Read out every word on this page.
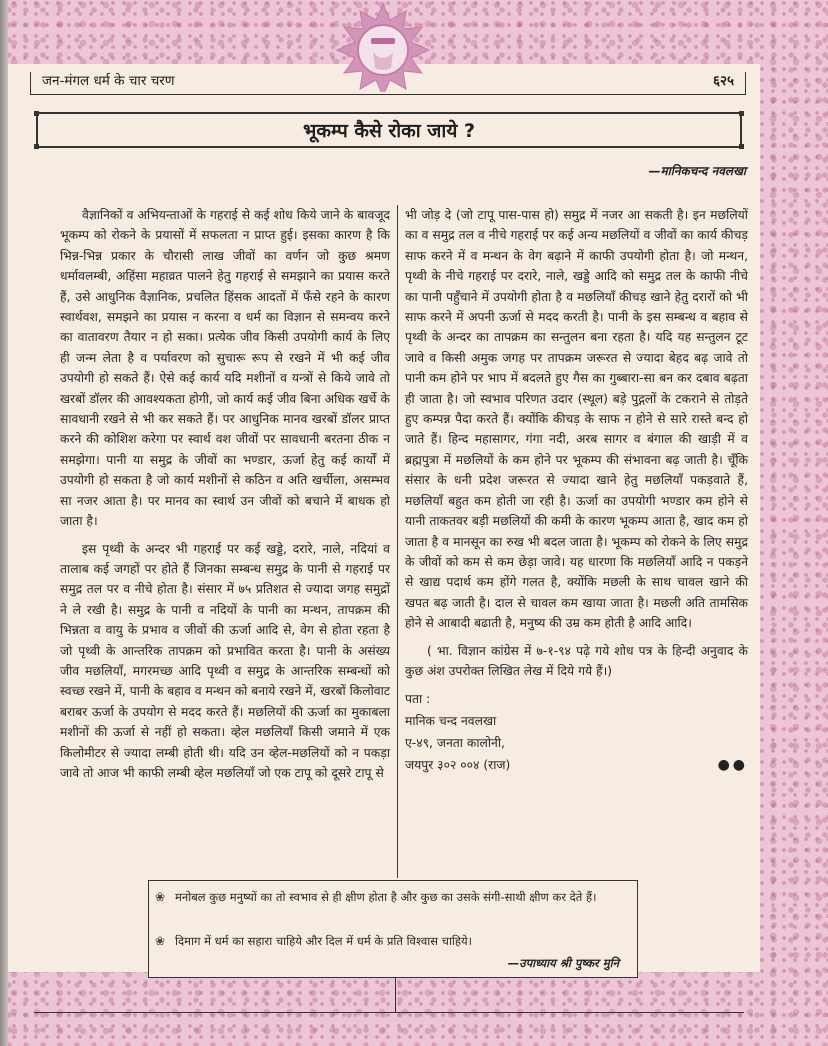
जन-मंगल धर्म के चार चरण	६२५
भूकम्प कैसे रोका जाये ?
—मानिकचन्द नवलखा

वैज्ञानिकों व अभियन्ताओं के गहराई से कई शोध किये जाने के बावजूद भूकम्प को रोकने के प्रयासों में सफलता न प्राप्त हुई। इसका कारण है कि भिन्न-भिन्न प्रकार के चौरासी लाख जीवों का वर्णन जो कुछ श्रमण धर्मावलम्बी, अहिंसा महाव्रत पालने हेतु गहराई से समझाने का प्रयास करते हैं, उसे आधुनिक वैज्ञानिक, प्रचलित हिंसक आदतों में फँसे रहने के कारण स्वार्थवश, समझने का प्रयास न करना व धर्म का विज्ञान से समन्वय करने का वातावरण तैयार न हो सका। प्रत्येक जीव किसी उपयोगी कार्य के लिए ही जन्म लेता है व पर्यावरण को सुचारू रूप से रखने में भी कई जीव उपयोगी हो सकते हैं। ऐसे कई कार्य यदि मशीनों व यन्त्रों से किये जावे तो खरबों डॉलर की आवश्यकता होगी, जो कार्य कई जीव बिना अधिक खर्चे के सावधानी रखने से भी कर सकते हैं। पर आधुनिक मानव खरबों डॉलर प्राप्त करने की कोशिश करेगा पर स्वार्थ वश जीवों पर सावधानी बरतना ठीक न समझेगा। पानी या समुद्र के जीवों का भण्डार, ऊर्जा हेतु कई कार्यों में उपयोगी हो सकता है जो कार्य मशीनों से कठिन व अति खर्चीला, असम्भव सा नजर आता है। पर मानव का स्वार्थ उन जीवों को बचाने में बाधक हो जाता है।

इस पृथ्वी के अन्दर भी गहराई पर कई खड्डे, दरारे, नाले, नदियां व तालाब कई जगहों पर होते हैं जिनका सम्बन्ध समुद्र के पानी से गहराई पर समुद्र तल पर व नीचे होता है। संसार में ७५ प्रतिशत से ज्यादा जगह समुद्रों ने ले रखी है। समुद्र के पानी व नदियों के पानी का मन्थन, तापक्रम की भिन्नता व वायु के प्रभाव व जीवों की ऊर्जा आदि से, वेग से होता रहता है जो पृथ्वी के आन्तरिक तापक्रम को प्रभावित करता है। पानी के असंख्य जीव मछलियाँ, मगरमच्छ आदि पृथ्वी व समुद्र के आन्तरिक सम्बन्धों को स्वच्छ रखने में, पानी के बहाव व मन्थन को बनाये रखने में, खरबों किलोवाट बराबर ऊर्जा के उपयोग से मदद करते हैं। मछलियों की ऊर्जा का मुकाबला मशीनों की ऊर्जा से नहीं हो सकता। व्हेल मछलियाँ किसी जमाने में एक किलोमीटर से ज्यादा लम्बी होती थी। यदि उन व्हेल-मछलियों को न पकड़ा जावे तो आज भी काफी लम्बी व्हेल मछलियाँ जो एक टापू को दूसरे टापू से

भी जोड़ दे (जो टापू पास-पास हो) समुद्र में नजर आ सकती है। इन मछलियों का व समुद्र तल व नीचे गहराई पर कई अन्य मछलियों व जीवों का कार्य कीचड़ साफ करने में व मन्थन के वेग बढ़ाने में काफी उपयोगी होता है। जो मन्थन, पृथ्वी के नीचे गहराई पर दरारे, नाले, खड्डे आदि को समुद्र तल के काफी नीचे का पानी पहुँचाने में उपयोगी होता है व मछलियाँ कीचड़ खाने हेतु दरारों को भी साफ करने में अपनी ऊर्जा से मदद करती है। पानी के इस सम्बन्ध व बहाव से पृथ्वी के अन्दर का तापक्रम का सन्तुलन बना रहता है। यदि यह सन्तुलन टूट जावे व किसी अमुक जगह पर तापक्रम जरूरत से ज्यादा बेहद बढ़ जावे तो पानी कम होने पर भाप में बदलते हुए गैस का गुब्बारा-सा बन कर दबाव बढ़ता ही जाता है। जो स्वभाव परिणत उदार (स्थूल) बड़े पुद्गलों के टकराने से तोड़ते हुए कम्पन्न पैदा करते हैं। क्योंकि कीचड़ के साफ न होने से सारे रास्ते बन्द हो जाते हैं। हिन्द महासागर, गंगा नदी, अरब सागर व बंगाल की खाड़ी में व ब्रह्मपुत्रा में मछलियों के कम होने पर भूकम्प की संभावना बढ़ जाती है। चूँकि संसार के धनी प्रदेश जरूरत से ज्यादा खाने हेतु मछलियाँ पकड़वाते हैं, मछलियाँ बहुत कम होती जा रही है। ऊर्जा का उपयोगी भण्डार कम होने से यानी ताकतवर बड़ी मछलियों की कमी के कारण भूकम्प आता है, खाद कम हो जाता है व मानसून का रुख भी बदल जाता है। भूकम्प को रोकने के लिए समुद्र के जीवों को कम से कम छेड़ा जावे। यह धारणा कि मछलियाँ आदि न पकड़ने से खाद्य पदार्थ कम होंगे गलत है, क्योंकि मछली के साथ चावल खाने की खपत बढ़ जाती है। दाल से चावल कम खाया जाता है। मछली अति तामसिक होने से आबादी बढाती है, मनुष्य की उम्र कम होती है आदि आदि।

( भा. विज्ञान कांग्रेस में ७-१-९४ पढ़े गये शोध पत्र के हिन्दी अनुवाद के कुछ अंश उपरोक्त लिखित लेख में दिये गये हैं।)

पता :
मानिक चन्द नवलखा
ए-४९, जनता कालोनी,
जयपुर ३०२ ००४ (राज)	●●
❀ मनोबल कुछ मनुष्यों का तो स्वभाव से ही क्षीण होता है और कुछ का उसके संगी-साथी क्षीण कर देते हैं।
❀ दिमाग में धर्म का सहारा चाहिये और दिल में धर्म के प्रति विश्वास चाहिये।
—उपाध्याय श्री पुष्कर मुनि
